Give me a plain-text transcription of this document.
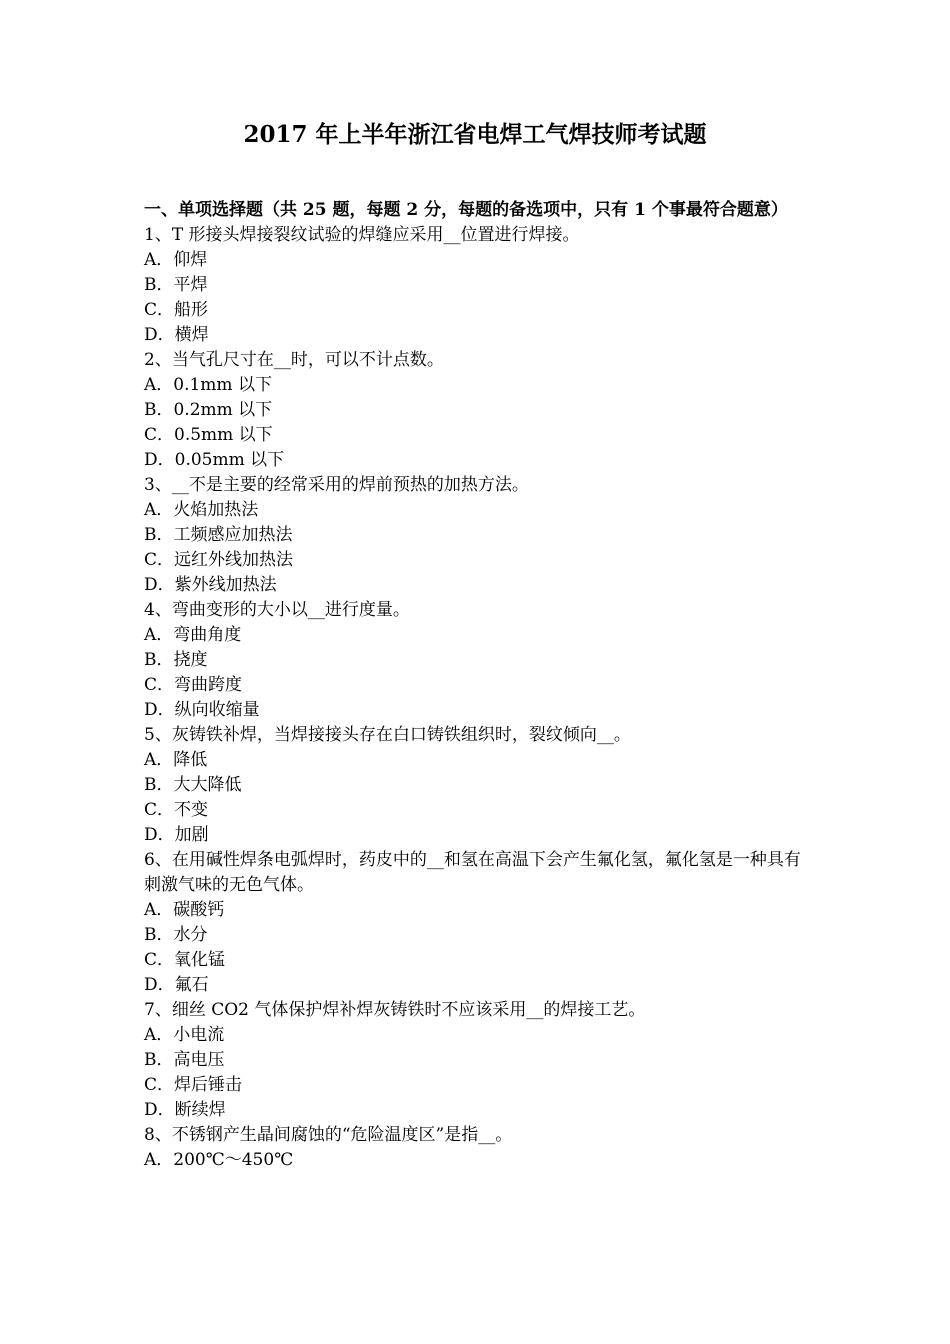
2017 年上半年浙江省电焊工气焊技师考试题

一、单项选择题（共 25 题，每题 2 分，每题的备选项中，只有 1 个事最符合题意）

1、T 形接头焊接裂纹试验的焊缝应采用__位置进行焊接。

A．仰焊

B．平焊

C．船形

D．横焊

2、当气孔尺寸在__时，可以不计点数。

A．0.1mm 以下

B．0.2mm 以下

C．0.5mm 以下

D．0.05mm 以下

3、__不是主要的经常采用的焊前预热的加热方法。

A．火焰加热法

B．工频感应加热法

C．远红外线加热法

D．紫外线加热法

4、弯曲变形的大小以__进行度量。

A．弯曲角度

B．挠度

C．弯曲跨度

D．纵向收缩量

5、灰铸铁补焊，当焊接接头存在白口铸铁组织时，裂纹倾向__。

A．降低

B．大大降低

C．不变

D．加剧

6、在用碱性焊条电弧焊时，药皮中的__和氢在高温下会产生氟化氢，氟化氢是一种具有刺激气味的无色气体。

A．碳酸钙

B．水分

C．氧化锰

D．氟石

7、细丝 CO2 气体保护焊补焊灰铸铁时不应该采用__的焊接工艺。

A．小电流

B．高电压

C．焊后锤击

D．断续焊

8、不锈钢产生晶间腐蚀的“危险温度区”是指__。

A．200℃～450℃
